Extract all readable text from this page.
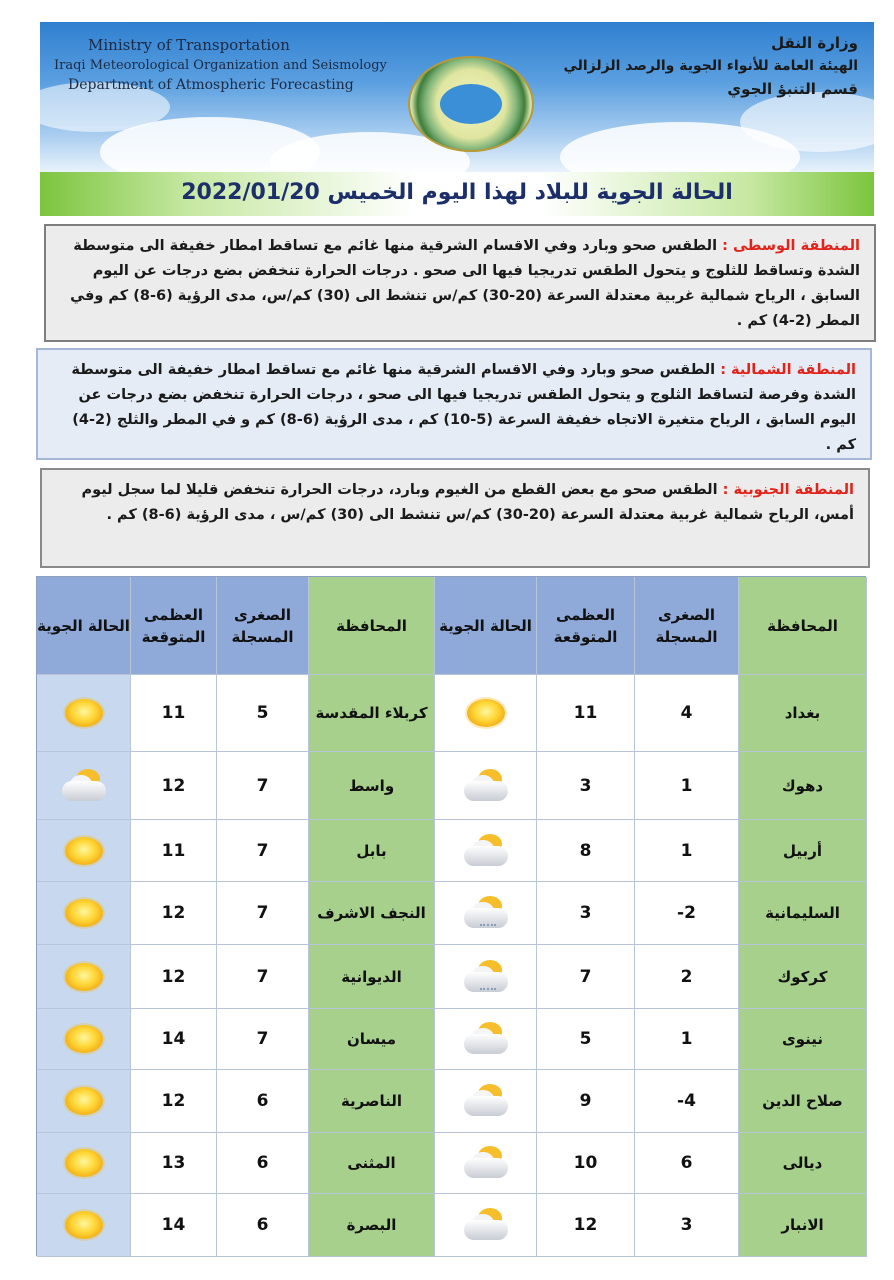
Ministry of Transportation
Iraqi Meteorological Organization and Seismology
Department of Atmospheric Forecasting
وزارة النقل
الهيئة العامة للأنواء الجوية والرصد الزلزالي
قسم التنبؤ الجوي
الحالة الجوية للبلاد لهذا اليوم الخميس 2022/01/20
المنطقة الوسطى : الطقس صحو وبارد وفي الاقسام الشرقية منها غائم مع تساقط امطار خفيفة الى متوسطة الشدة وتساقط للثلوج و يتحول الطقس تدريجيا فيها الى صحو . درجات الحرارة تنخفض بضع درجات عن اليوم السابق ، الرياح شمالية غربية معتدلة السرعة (20-30) كم/س تنشط الى (30) كم/س، مدى الرؤية (6-8) كم وفي المطر (2-4) كم .
المنطقة الشمالية : الطقس صحو وبارد وفي الاقسام الشرقية منها غائم مع تساقط امطار خفيفة الى متوسطة الشدة وفرصة لتساقط الثلوج و يتحول الطقس تدريجيا فيها الى صحو ، درجات الحرارة تنخفض بضع درجات عن اليوم السابق ، الرياح متغيرة الاتجاه خفيفة السرعة (5-10) كم ، مدى الرؤية (6-8) كم و في المطر والثلج (2-4) كم .
المنطقة الجنوبية : الطقس صحو مع بعض القطع من الغيوم وبارد، درجات الحرارة تنخفض قليلا لما سجل ليوم أمس، الرياح شمالية غربية معتدلة السرعة (20-30) كم/س تنشط الى (30) كم/س ، مدى الرؤية (6-8) كم .
الحالة الجوية
العظمى المتوقعة
الصغرى المسجلة
المحافظة	الحالة الجوية
العظمى المتوقعة
الصغرى المسجلة
المحافظة
بغداد
4
11
دهوك
1
3
أربيل
1
8
السليمانية
-2
3
كركوك
2
7
نينوى
1
5
صلاح الدين
-4
9
ديالى
6
10
الانبار
3
12
كربلاء المقدسة
5
11
واسط
7
12
بابل
7
11
النجف الاشرف
7
12
الديوانية
7
12
ميسان
7
14
الناصرية
6
12
المثنى
6
13
البصرة
6
14
